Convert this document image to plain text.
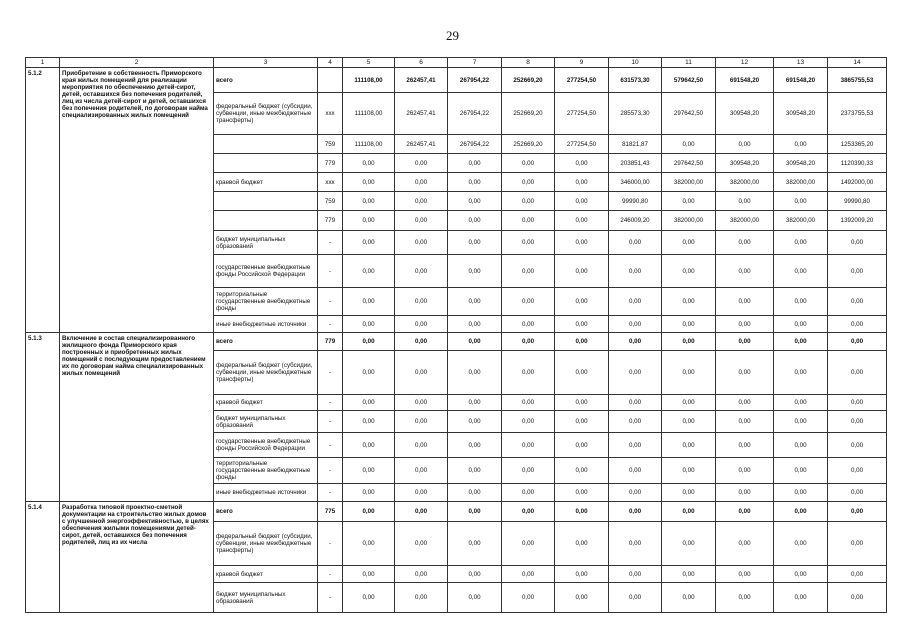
29
1	2	3	4	5	6	7	8	9	10	11	12	13	14
5.1.2	Приобретение в собственность Приморского края жилых помещений для реализации мероприятия по обеспечению детей-сирот, детей, оставшихся без попечения родителей, лиц из числа детей-сирот и детей, оставшихся без попечения родителей, по договорам найма специализированных жилых помещений	всего		111108,00	262457,41	267954,22	252669,20	277254,50	631573,30	579642,50	691548,20	691548,20	3865755,53
		федеральный бюджет (субсидии, субвенции, иные межбюджетные трансферты)	xxx	111108,00	262457,41	267954,22	252669,20	277254,50	285573,30	297642,50	309548,20	309548,20	2373755,53
			759	111108,00	262457,41	267954,22	252669,20	277254,50	81821,87	0,00	0,00	0,00	1253365,20
			779	0,00	0,00	0,00	0,00	0,00	203851,43	297642,50	309548,20	309548,20	1120390,33
		краевой бюджет	xxx	0,00	0,00	0,00	0,00	0,00	346000,00	382000,00	382000,00	382000,00	1492000,00
			759	0,00	0,00	0,00	0,00	0,00	99990,80	0,00	0,00	0,00	99990,80
			779	0,00	0,00	0,00	0,00	0,00	246009,20	382000,00	382000,00	382000,00	1392009,20
		бюджет муниципальных образований	-	0,00	0,00	0,00	0,00	0,00	0,00	0,00	0,00	0,00	0,00
		государственные внебюджетные фонды Российской Федерации	-	0,00	0,00	0,00	0,00	0,00	0,00	0,00	0,00	0,00	0,00
		территориальные государственные внебюджетные фонды	-	0,00	0,00	0,00	0,00	0,00	0,00	0,00	0,00	0,00	0,00
		иные внебюджетные источники	-	0,00	0,00	0,00	0,00	0,00	0,00	0,00	0,00	0,00	0,00
5.1.3	Включение в состав специализированного жилищного фонда Приморского края построенных и приобретенных жилых помещений с последующим предоставлением их по договорам найма специализированных жилых помещений	всего	779	0,00	0,00	0,00	0,00	0,00	0,00	0,00	0,00	0,00	0,00
		федеральный бюджет (субсидии, субвенции, иные межбюджетные трансферты)	-	0,00	0,00	0,00	0,00	0,00	0,00	0,00	0,00	0,00	0,00
		краевой бюджет	-	0,00	0,00	0,00	0,00	0,00	0,00	0,00	0,00	0,00	0,00
		бюджет муниципальных образований	-	0,00	0,00	0,00	0,00	0,00	0,00	0,00	0,00	0,00	0,00
		государственные внебюджетные фонды Российской Федерации	-	0,00	0,00	0,00	0,00	0,00	0,00	0,00	0,00	0,00	0,00
		территориальные государственные внебюджетные фонды	-	0,00	0,00	0,00	0,00	0,00	0,00	0,00	0,00	0,00	0,00
		иные внебюджетные источники	-	0,00	0,00	0,00	0,00	0,00	0,00	0,00	0,00	0,00	0,00
5.1.4	Разработка типовой проектно-сметной документации на строительство жилых домов с улучшенной энергоэффективностью, в целях обеспечения жилыми помещениями детей-сирот, детей, оставшихся без попечения родителей, лиц из их числа	всего	775	0,00	0,00	0,00	0,00	0,00	0,00	0,00	0,00	0,00	0,00
		федеральный бюджет (субсидии, субвенции, иные межбюджетные трансферты)	-	0,00	0,00	0,00	0,00	0,00	0,00	0,00	0,00	0,00	0,00
		краевой бюджет	-	0,00	0,00	0,00	0,00	0,00	0,00	0,00	0,00	0,00	0,00
		бюджет муниципальных образований	-	0,00	0,00	0,00	0,00	0,00	0,00	0,00	0,00	0,00	0,00
